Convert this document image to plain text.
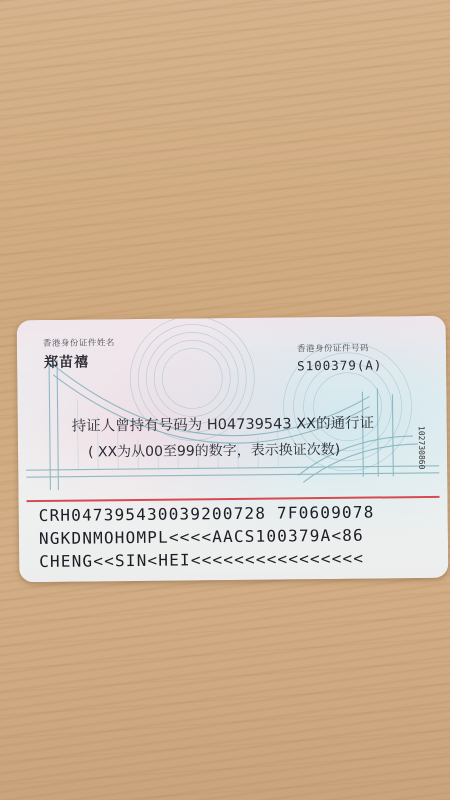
香港身份证件姓名
郑苗禧
香港身份证件号码
S100379(A)
持证人曾持有号码为 H04739543 XX的通行证
( XX为从00至99的数字，表示换证次数)	102730860
CRH047395430039200728 7F0609078
NGKDNMOHOMPL<<<<AACS100379A<86
CHENG<<SIN<HEI<<<<<<<<<<<<<<<<
